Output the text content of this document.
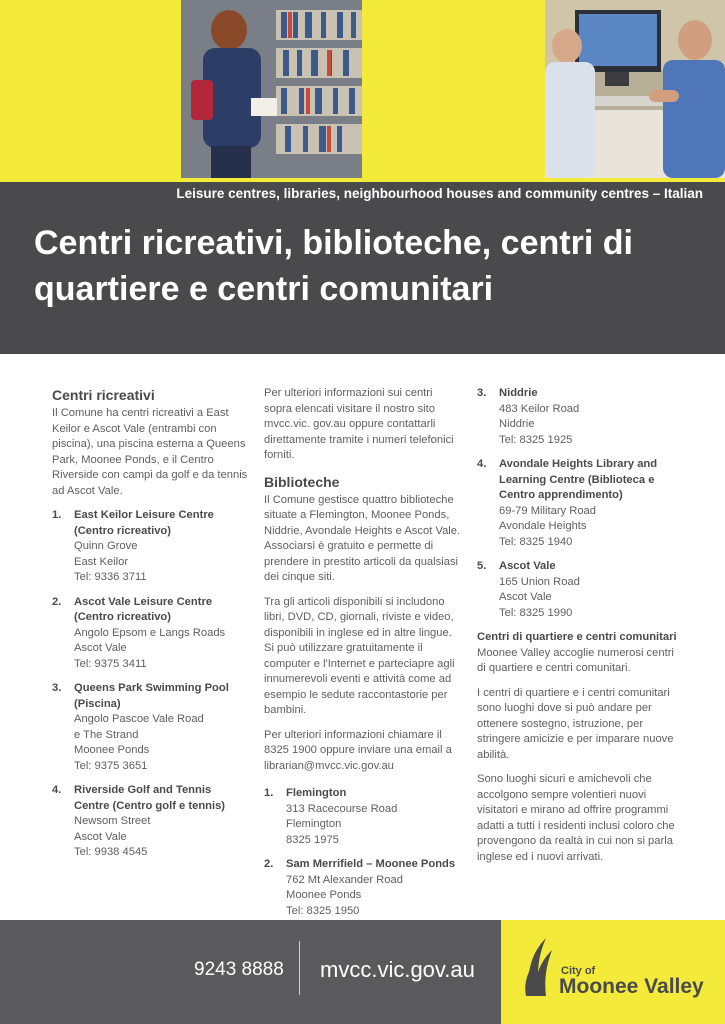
Leisure centres, libraries, neighbourhood houses and community centres – Italian
Centri ricreativi, biblioteche, centri di quartiere e centri comunitari
Centri ricreativi
Il Comune ha centri ricreativi a East Keilor e Ascot Vale (entrambi con piscina), una piscina esterna a Queens Park, Moonee Ponds, e il Centro Riverside con campi da golf e da tennis ad Ascot Vale.
1. East Keilor Leisure Centre (Centro ricreativo)
Quinn Grove
East Keilor
Tel: 9336 3711
2. Ascot Vale Leisure Centre (Centro ricreativo)
Angolo Epsom e Langs Roads
Ascot Vale
Tel: 9375 3411
3. Queens Park Swimming Pool (Piscina)
Angolo Pascoe Vale Road
e The Strand
Moonee Ponds
Tel: 9375 3651
4. Riverside Golf and Tennis Centre (Centro golf e tennis)
Newsom Street
Ascot Vale
Tel: 9938 4545
Per ulteriori informazioni sui centri sopra elencati visitare il nostro sito mvcc.vic. gov.au oppure contattarli direttamente tramite i numeri telefonici forniti.
Biblioteche
Il Comune gestisce quattro biblioteche situate a Flemington, Moonee Ponds, Niddrie, Avondale Heights e Ascot Vale. Associarsi è gratuito e permette di prendere in prestito articoli da qualsiasi dei cinque siti.
Tra gli articoli disponibili si includono libri, DVD, CD, giornali, riviste e video, disponibili in inglese ed in altre lingue. Si può utilizzare gratuitamente il computer e l'Internet e parteciapre agli innumerevoli eventi e attività come ad esempio le sedute raccontastorie per bambini.
Per ulteriori informazioni chiamare il 8325 1900 oppure inviare una email a librarian@mvcc.vic.gov.au
1. Flemington
313 Racecourse Road
Flemington
8325 1975
2. Sam Merrifield – Moonee Ponds
762 Mt Alexander Road
Moonee Ponds
Tel: 8325 1950
3. Niddrie
483 Keilor Road
Niddrie
Tel: 8325 1925
4. Avondale Heights Library and Learning Centre (Biblioteca e Centro apprendimento)
69-79 Military Road
Avondale Heights
Tel: 8325 1940
5. Ascot Vale
165 Union Road
Ascot Vale
Tel: 8325 1990
Centri di quartiere e centri comunitari
Moonee Valley accoglie numerosi centri di quartiere e centri comunitari.
I centri di quartiere e i centri comunitari sono luoghi dove si può andare per ottenere sostegno, istruzione, per stringere amicizie e per imparare nuove abilità.
Sono luoghi sicuri e amichevoli che accolgono sempre volentieri nuovi visitatori e mirano ad offrire programmi adatti a tutti i residenti inclusi coloro che provengono da realtà in cui non si parla inglese ed i nuovi arrivati.
9243 8888 mvcc.vic.gov.au	City of
Moonee Valley
